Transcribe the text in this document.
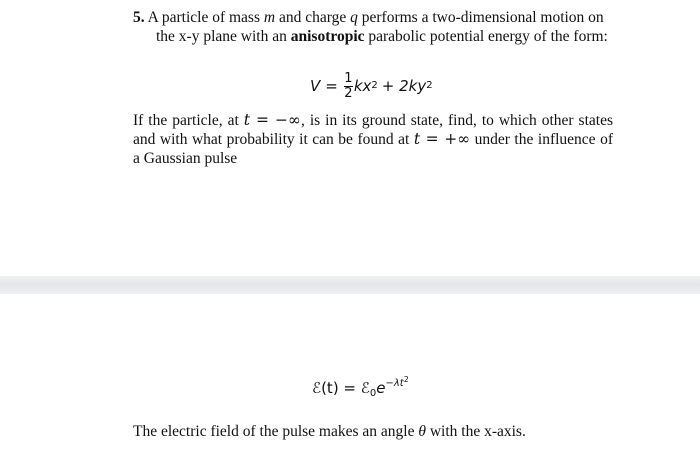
5. A particle of mass m and charge q performs a two-dimensional motion on
the x-y plane with an anisotropic parabolic potential energy of the form:
$V = \frac{1}{2}$ kx 2 + 2ky 2
If the particle, at t = −∞, is in its ground state, find, to which other states and with what probability it can be found at t = +∞ under the influence of a Gaussian pulse
ℰ(t) = $ℰ_0e^{-\lambda t^2}$
The electric field of the pulse makes an angle θ with the x-axis.
